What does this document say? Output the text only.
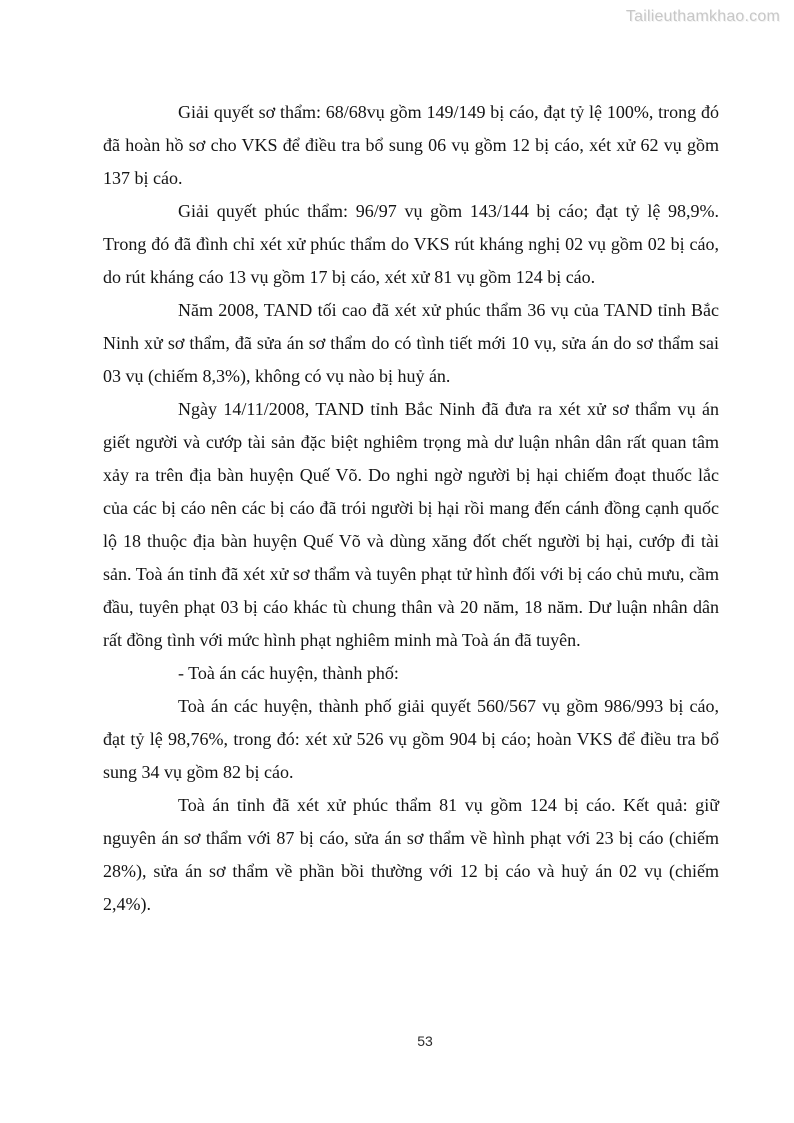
Tailieuthamkhao.com

Giải quyết sơ thẩm: 68/68vụ gồm 149/149 bị cáo, đạt tỷ lệ 100%, trong đó đã hoàn hồ sơ cho VKS để điều tra bổ sung 06 vụ gồm 12 bị cáo, xét xử 62 vụ gồm 137 bị cáo.

Giải quyết phúc thẩm: 96/97 vụ gồm 143/144 bị cáo; đạt tỷ lệ 98,9%. Trong đó đã đình chỉ xét xử phúc thẩm do VKS rút kháng nghị 02 vụ gồm 02 bị cáo, do rút kháng cáo 13 vụ gồm 17 bị cáo, xét xử 81 vụ gồm 124 bị cáo.

Năm 2008, TAND tối cao đã xét xử phúc thẩm 36 vụ của TAND tỉnh Bắc Ninh xử sơ thẩm, đã sửa án sơ thẩm do có tình tiết mới 10 vụ, sửa án do sơ thẩm sai 03 vụ (chiếm 8,3%), không có vụ nào bị huỷ án.

Ngày 14/11/2008, TAND tỉnh Bắc Ninh đã đưa ra xét xử sơ thẩm vụ án giết người và cướp tài sản đặc biệt nghiêm trọng mà dư luận nhân dân rất quan tâm xảy ra trên địa bàn huyện Quế Võ. Do nghi ngờ người bị hại chiếm đoạt thuốc lắc của các bị cáo nên các bị cáo đã trói người bị hại rồi mang đến cánh đồng cạnh quốc lộ 18 thuộc địa bàn huyện Quế Võ và dùng xăng đốt chết người bị hại, cướp đi tài sản. Toà án tỉnh đã xét xử sơ thẩm và tuyên phạt tử hình đối với bị cáo chủ mưu, cầm đầu, tuyên phạt 03 bị cáo khác tù chung thân và 20 năm, 18 năm. Dư luận nhân dân rất đồng tình với mức hình phạt nghiêm minh mà Toà án đã tuyên.

- Toà án các huyện, thành phố:

Toà án các huyện, thành phố giải quyết 560/567 vụ gồm 986/993 bị cáo, đạt tỷ lệ 98,76%, trong đó: xét xử 526 vụ gồm 904 bị cáo; hoàn VKS để điều tra bổ sung 34 vụ gồm 82 bị cáo.

Toà án tỉnh đã xét xử phúc thẩm 81 vụ gồm 124 bị cáo. Kết quả: giữ nguyên án sơ thẩm với 87 bị cáo, sửa án sơ thẩm về hình phạt với 23 bị cáo (chiếm 28%), sửa án sơ thẩm về phần bồi thường với 12 bị cáo và huỷ án 02 vụ (chiếm 2,4%).

53
